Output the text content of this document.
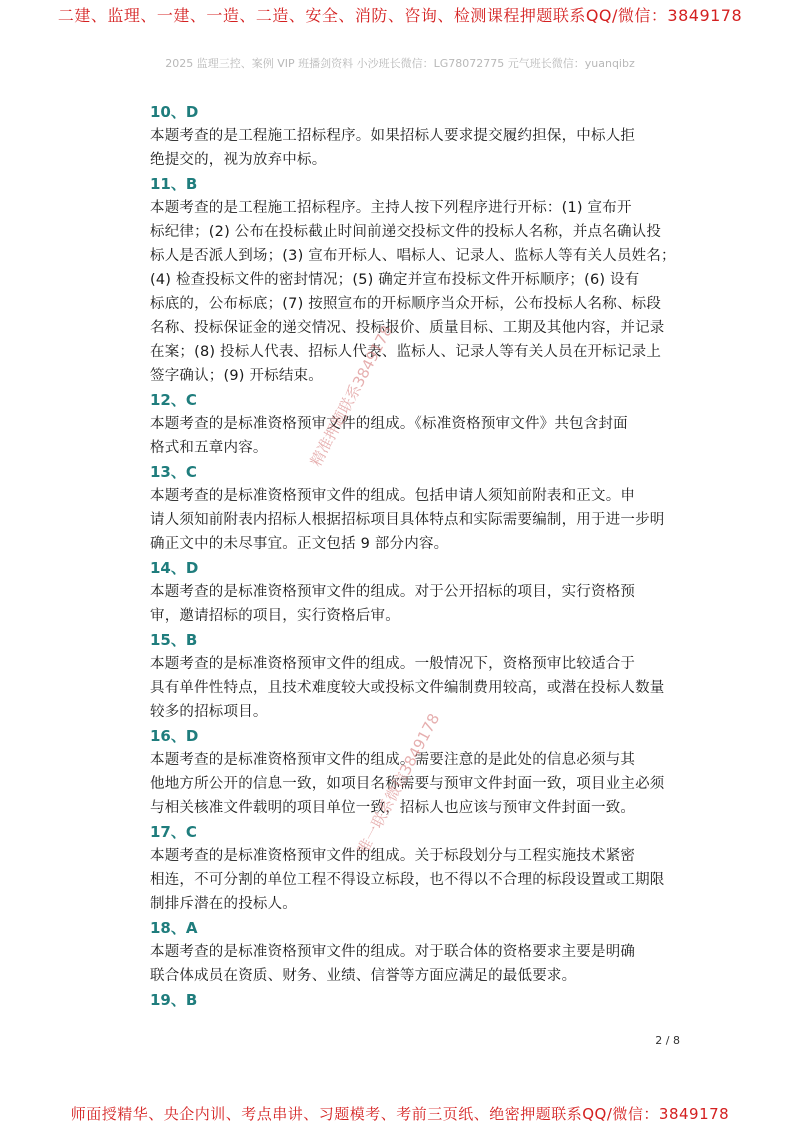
二建、监理、一建、一造、二造、安全、消防、咨询、检测课程押题联系QQ/微信：3849178
2025 监理三控、案例 VIP 班播剑资料 小沙班长微信：LG78072775 元气班长微信：yuanqibz
10、D
本题考查的是工程施工招标程序。如果招标人要求提交履约担保，中标人拒
绝提交的，视为放弃中标。
11、B
本题考查的是工程施工招标程序。主持人按下列程序进行开标：(1) 宣布开
标纪律；(2) 公布在投标截止时间前递交投标文件的投标人名称，并点名确认投
标人是否派人到场；(3) 宣布开标人、唱标人、记录人、监标人等有关人员姓名；
(4) 检查投标文件的密封情况；(5) 确定并宣布投标文件开标顺序；(6) 设有
标底的，公布标底；(7) 按照宣布的开标顺序当众开标，公布投标人名称、标段
名称、投标保证金的递交情况、投标报价、质量目标、工期及其他内容，并记录
在案；(8) 投标人代表、招标人代表、监标人、记录人等有关人员在开标记录上
签字确认；(9) 开标结束。
12、C
本题考查的是标准资格预审文件的组成。《标准资格预审文件》共包含封面
格式和五章内容。
13、C
本题考查的是标准资格预审文件的组成。包括申请人须知前附表和正文。申
请人须知前附表内招标人根据招标项目具体特点和实际需要编制，用于进一步明
确正文中的未尽事宜。正文包括 9 部分内容。
14、D
本题考查的是标准资格预审文件的组成。对于公开招标的项目，实行资格预
审，邀请招标的项目，实行资格后审。
15、B
本题考查的是标准资格预审文件的组成。一般情况下，资格预审比较适合于
具有单件性特点，且技术难度较大或投标文件编制费用较高，或潜在投标人数量
较多的招标项目。
16、D
本题考查的是标准资格预审文件的组成。需要注意的是此处的信息必须与其
他地方所公开的信息一致，如项目名称需要与预审文件封面一致，项目业主必须
与相关核准文件载明的项目单位一致，招标人也应该与预审文件封面一致。
17、C
本题考查的是标准资格预审文件的组成。关于标段划分与工程实施技术紧密
相连，不可分割的单位工程不得设立标段，也不得以不合理的标段设置或工期限
制排斥潜在的投标人。
18、A
本题考查的是标准资格预审文件的组成。对于联合体的资格要求主要是明确
联合体成员在资质、财务、业绩、信誉等方面应满足的最低要求。
19、B
精准押题联系3849178
唯一联系微信3849178
2 / 8
师面授精华、央企内训、考点串讲、习题模考、考前三页纸、绝密押题联系QQ/微信：3849178
